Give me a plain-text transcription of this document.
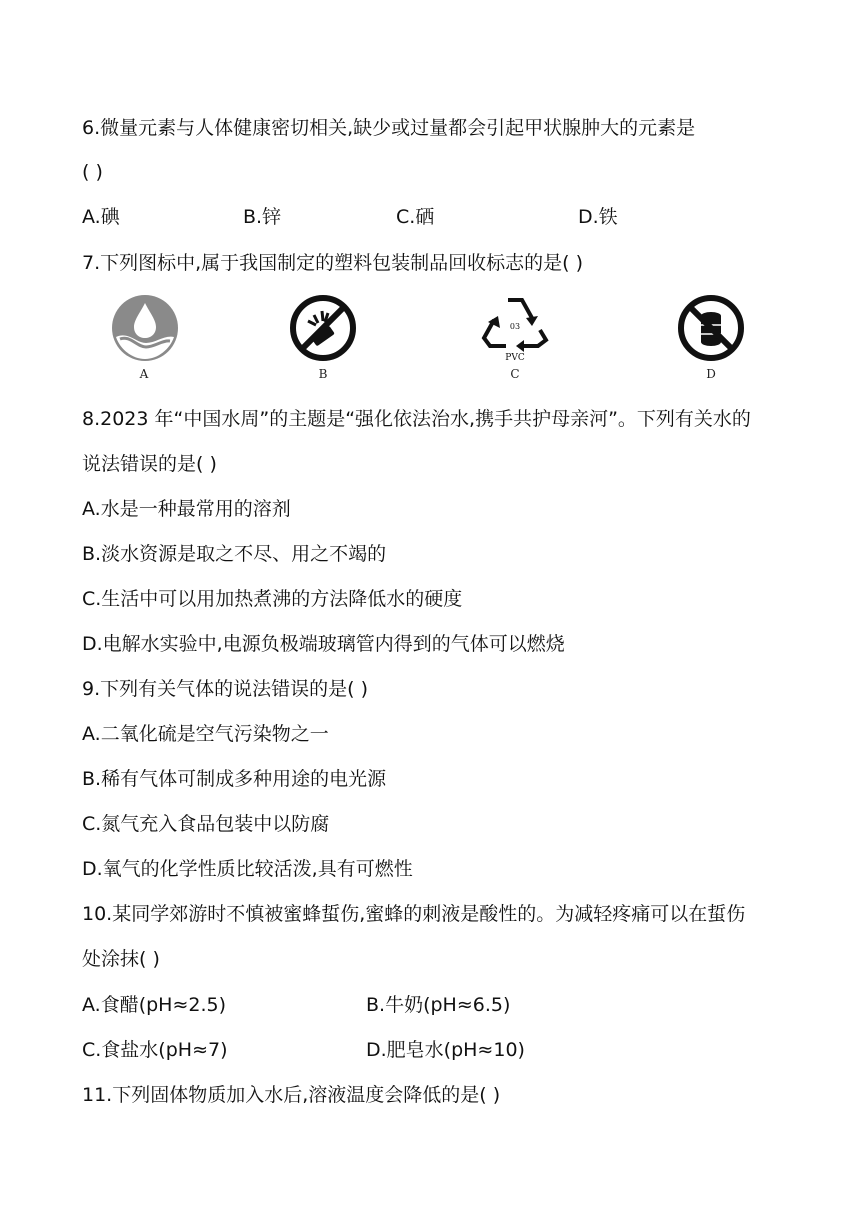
6.微量元素与人体健康密切相关,缺少或过量都会引起甲状腺肿大的元素是
( )
A.碘	B.锌	C.硒	D.铁
7.下列图标中,属于我国制定的塑料包装制品回收标志的是( )
A	B
03
PVC
C	D
8.2023 年“中国水周”的主题是“强化依法治水,携手共护母亲河”。下列有关水的
说法错误的是( )
A.水是一种最常用的溶剂
B.淡水资源是取之不尽、用之不竭的
C.生活中可以用加热煮沸的方法降低水的硬度
D.电解水实验中,电源负极端玻璃管内得到的气体可以燃烧
9.下列有关气体的说法错误的是( )
A.二氧化硫是空气污染物之一
B.稀有气体可制成多种用途的电光源
C.氮气充入食品包装中以防腐
D.氧气的化学性质比较活泼,具有可燃性
10.某同学郊游时不慎被蜜蜂蜇伤,蜜蜂的刺液是酸性的。为减轻疼痛可以在蜇伤
处涂抹( )
A.食醋(pH≈2.5)	B.牛奶(pH≈6.5)
C.食盐水(pH≈7)	D.肥皂水(pH≈10)
11.下列固体物质加入水后,溶液温度会降低的是( )
